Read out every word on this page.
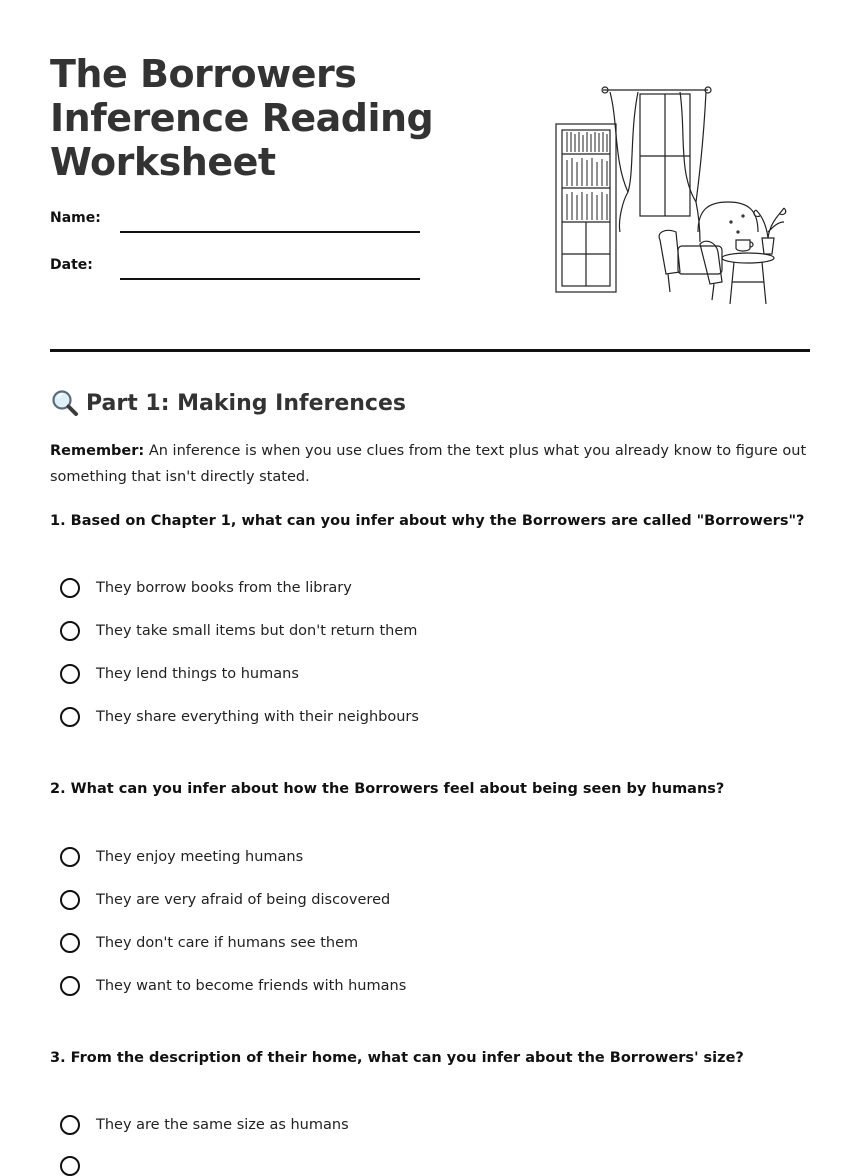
The Borrowers
Inference Reading
Worksheet
Name:
Date:
Part 1: Making Inferences
Remember: An inference is when you use clues from the text plus what you already know to figure out something that isn't directly stated.
1. Based on Chapter 1, what can you infer about why the Borrowers are called "Borrowers"?
They borrow books from the library
They take small items but don't return them
They lend things to humans
They share everything with their neighbours
2. What can you infer about how the Borrowers feel about being seen by humans?
They enjoy meeting humans
They are very afraid of being discovered
They don't care if humans see them
They want to become friends with humans
3. From the description of their home, what can you infer about the Borrowers' size?
They are the same size as humans
